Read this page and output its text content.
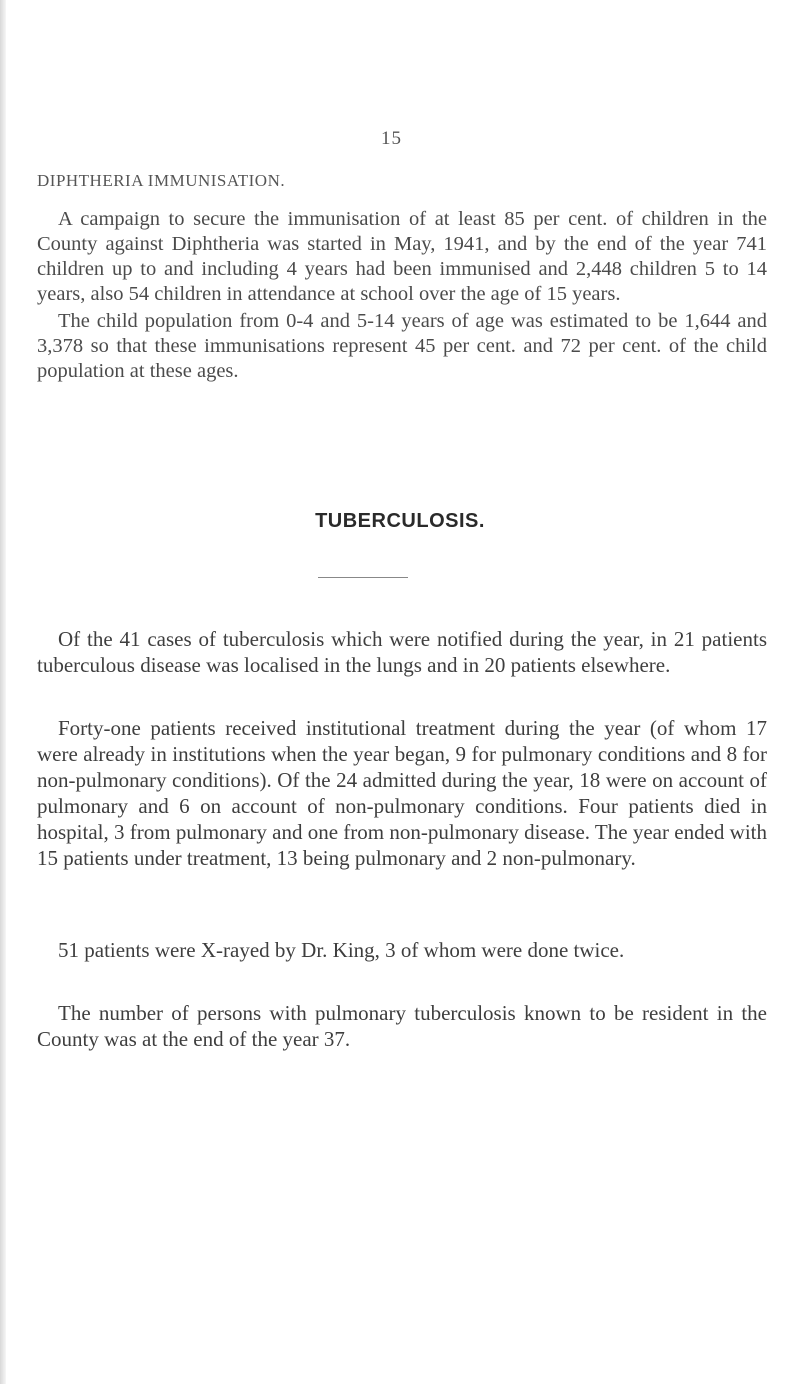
15
DIPHTHERIA IMMUNISATION.

A campaign to secure the immunisation of at least 85 per cent. of children in the County against Diphtheria was started in May, 1941, and by the end of the year 741 children up to and including 4 years had been immunised and 2,448 children 5 to 14 years, also 54 children in attendance at school over the age of 15 years.

The child population from 0-4 and 5-14 years of age was estimated to be 1,644 and 3,378 so that these immunisations represent 45 per cent. and 72 per cent. of the child population at these ages.

TUBERCULOSIS.

Of the 41 cases of tuberculosis which were notified during the year, in 21 patients tuberculous disease was localised in the lungs and in 20 patients elsewhere.

Forty-one patients received institutional treatment during the year (of whom 17 were already in institutions when the year began, 9 for pulmonary conditions and 8 for non-pulmonary conditions). Of the 24 admitted during the year, 18 were on account of pulmonary and 6 on account of non-pulmonary conditions. Four patients died in hospital, 3 from pulmonary and one from non-pulmonary disease. The year ended with 15 patients under treatment, 13 being pulmonary and 2 non-pulmonary.

51 patients were X-rayed by Dr. King, 3 of whom were done twice.

The number of persons with pulmonary tuberculosis known to be resident in the County was at the end of the year 37.
